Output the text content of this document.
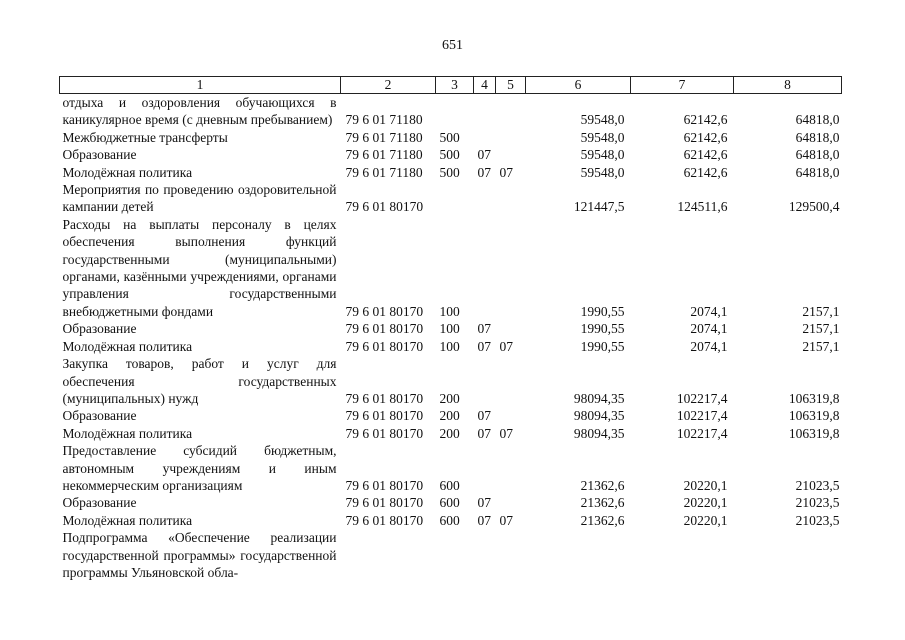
651
1	2	3	4	5	6	7	8
отдыха и оздоровления обучающихся в каникулярное время (с дневным пребыванием)	79 6 01 71180				59548,0	62142,6	64818,0
Межбюджетные трансферты	79 6 01 71180	500			59548,0	62142,6	64818,0
Образование	79 6 01 71180	500	07		59548,0	62142,6	64818,0
Молодёжная политика	79 6 01 71180	500	07	07	59548,0	62142,6	64818,0
Мероприятия по проведению оздоровительной кампании детей	79 6 01 80170				121447,5	124511,6	129500,4
Расходы на выплаты персоналу в целях обеспечения выполнения функций государственными (муниципальными) органами, казёнными учреждениями, органами управления государственными внебюджетными фондами	79 6 01 80170	100			1990,55	2074,1	2157,1
Образование	79 6 01 80170	100	07		1990,55	2074,1	2157,1
Молодёжная политика	79 6 01 80170	100	07	07	1990,55	2074,1	2157,1
Закупка товаров, работ и услуг для обеспечения государственных (муниципальных) нужд	79 6 01 80170	200			98094,35	102217,4	106319,8
Образование	79 6 01 80170	200	07		98094,35	102217,4	106319,8
Молодёжная политика	79 6 01 80170	200	07	07	98094,35	102217,4	106319,8
Предоставление субсидий бюджетным, автономным учреждениям и иным некоммерческим организациям	79 6 01 80170	600			21362,6	20220,1	21023,5
Образование	79 6 01 80170	600	07		21362,6	20220,1	21023,5
Молодёжная политика	79 6 01 80170	600	07	07	21362,6	20220,1	21023,5
Подпрограмма «Обеспечение реализации государственной программы» государственной программы Ульяновской обла-							
